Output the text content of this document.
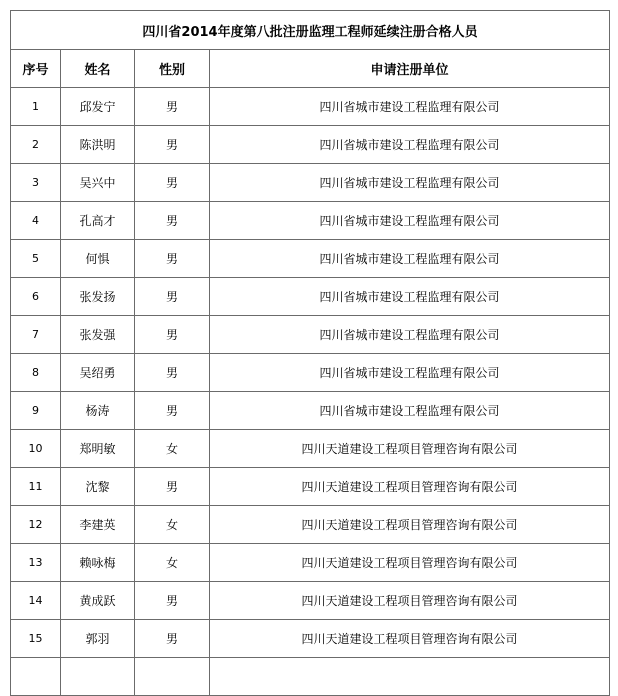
四川省2014年度第八批注册监理工程师延续注册合格人员			
序号	姓名	性别	申请注册单位
1	邱发宁	男	四川省城市建设工程监理有限公司
2	陈洪明	男	四川省城市建设工程监理有限公司
3	吴兴中	男	四川省城市建设工程监理有限公司
4	孔高才	男	四川省城市建设工程监理有限公司
5	何惧	男	四川省城市建设工程监理有限公司
6	张发扬	男	四川省城市建设工程监理有限公司
7	张发强	男	四川省城市建设工程监理有限公司
8	吴绍勇	男	四川省城市建设工程监理有限公司
9	杨涛	男	四川省城市建设工程监理有限公司
10	郑明敏	女	四川天道建设工程项目管理咨询有限公司
11	沈黎	男	四川天道建设工程项目管理咨询有限公司
12	李建英	女	四川天道建设工程项目管理咨询有限公司
13	赖咏梅	女	四川天道建设工程项目管理咨询有限公司
14	黄成跃	男	四川天道建设工程项目管理咨询有限公司
15	郭羽	男	四川天道建设工程项目管理咨询有限公司
